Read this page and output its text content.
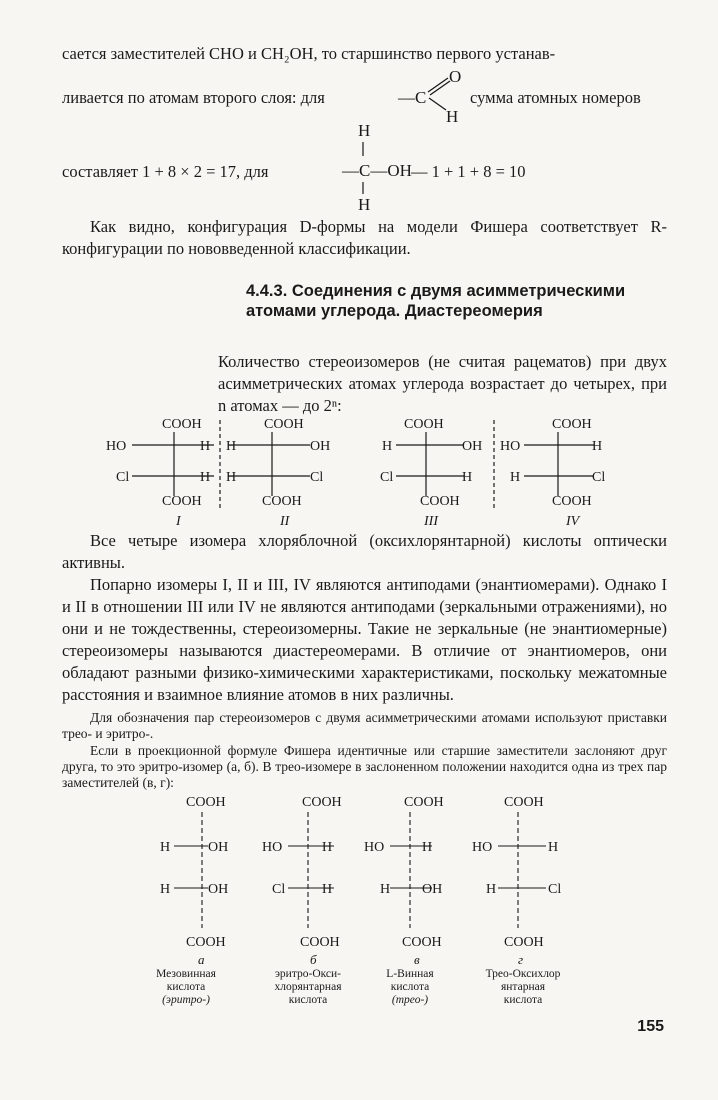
сается заместителей СНО и СН₂ОН, то старшинство первого устанав-
ливается по атомам второго слоя: для	—C
O
H
сумма атомных номеров
H
—C—OH
H
составляет 1 + 8 × 2 = 17, для	— 1 + 1 + 8 = 10
Как видно, конфигурация D-формы на модели Фишера соответствует R-конфигурации по нововведенной классификации.
4.4.3. Соединения с двумя асимметрическими атомами углерода. Диастереомерия
Количество стереоизомеров (не считая рацематов) при двух асимметрических атомах углерода возрастает до четырех, при n атомах — до 2ⁿ:
COOH
HO	H
Cl	H
COOH
I
COOH
H	OH
H	Cl
COOH
II
COOH
H	OH
Cl	H
COOH
III
COOH
HO	H
H	Cl
COOH
IV
Все четыре изомера хлоряблочной (оксихлорянтарной) кислоты оптически активны.
Попарно изомеры I, II и III, IV являются антиподами (энантиомерами). Однако I и II в отношении III или IV не являются антиподами (зеркальными отражениями), но они и не тождественны, стереоизомерны. Такие не зеркальные (не энантиомерные) стереоизомеры называются диастереомерами. В отличие от энантиомеров, они обладают разными физико-химическими характеристиками, поскольку межатомные расстояния и взаимное влияние атомов в них различны.
Для обозначения пар стереоизомеров с двумя асимметрическими атомами используют приставки трео- и эритро-.
Если в проекционной формуле Фишера идентичные или старшие заместители заслоняют друг друга, то это эритро-изомер (а, б). В трео-изомере в заслоненном положении находится одна из трех пар заместителей (в, г):
COOH
H	OH
H	OH
COOH
а
COOH
HO	H
Cl	H
COOH
б
COOH
HO	H
H OH
COOH
в
COOH
HO	H
H	Cl
COOH
г
Мезовинная
кислота
(эритро-)
эритро-Окси-
хлорянтарная
кислота
L-Винная
кислота
(трео-)
Трео-Оксихлор
янтарная
кислота
155
